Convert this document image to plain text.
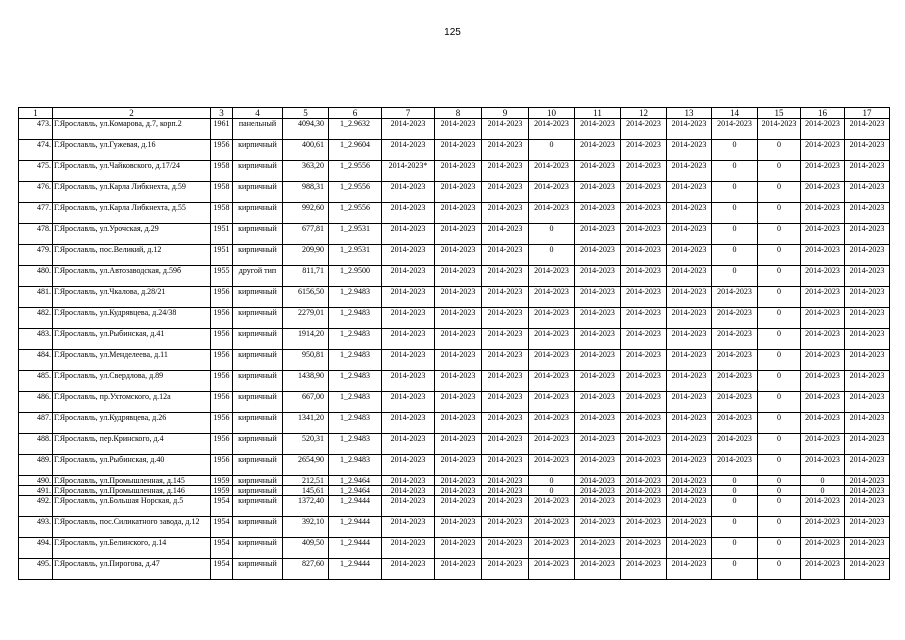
125
1	2	3	4	5	6	7	8	9	10	11	12	13	14	15	16	17
473.	Г.Ярославль, ул.Комарова, д.7, корп.2	1961	панельный	4094,30	1_2.9632	2014-2023	2014-2023	2014-2023	2014-2023	2014-2023	2014-2023	2014-2023	2014-2023	2014-2023	2014-2023	2014-2023
474.	Г.Ярославль, ул.Гужевая, д.16	1956	кирпичный	400,61	1_2.9604	2014-2023	2014-2023	2014-2023	0	2014-2023	2014-2023	2014-2023	0	0	2014-2023	2014-2023
475.	Г.Ярославль, ул.Чайковского, д.17/24	1958	кирпичный	363,20	1_2.9556	2014-2023*	2014-2023	2014-2023	2014-2023	2014-2023	2014-2023	2014-2023	0	0	2014-2023	2014-2023
476.	Г.Ярославль, ул.Карла Либкнехта, д.59	1958	кирпичный	988,31	1_2.9556	2014-2023	2014-2023	2014-2023	2014-2023	2014-2023	2014-2023	2014-2023	0	0	2014-2023	2014-2023
477.	Г.Ярославль, ул.Карла Либкнехта, д.55	1958	кирпичный	992,60	1_2.9556	2014-2023	2014-2023	2014-2023	2014-2023	2014-2023	2014-2023	2014-2023	0	0	2014-2023	2014-2023
478.	Г.Ярославль, ул.Урочская, д.29	1951	кирпичный	677,81	1_2.9531	2014-2023	2014-2023	2014-2023	0	2014-2023	2014-2023	2014-2023	0	0	2014-2023	2014-2023
479.	Г.Ярославль, пос.Великий, д.12	1951	кирпичный	209,90	1_2.9531	2014-2023	2014-2023	2014-2023	0	2014-2023	2014-2023	2014-2023	0	0	2014-2023	2014-2023
480.	Г.Ярославль, ул.Автозаводская, д.59б	1955	другой тип	811,71	1_2.9500	2014-2023	2014-2023	2014-2023	2014-2023	2014-2023	2014-2023	2014-2023	0	0	2014-2023	2014-2023
481.	Г.Ярославль, ул.Чкалова, д.28/21	1956	кирпичный	6156,50	1_2.9483	2014-2023	2014-2023	2014-2023	2014-2023	2014-2023	2014-2023	2014-2023	2014-2023	0	2014-2023	2014-2023
482.	Г.Ярославль, ул.Кудрявцева, д.24/38	1956	кирпичный	2279,01	1_2.9483	2014-2023	2014-2023	2014-2023	2014-2023	2014-2023	2014-2023	2014-2023	2014-2023	0	2014-2023	2014-2023
483.	Г.Ярославль, ул.Рыбинская, д.41	1956	кирпичный	1914,20	1_2.9483	2014-2023	2014-2023	2014-2023	2014-2023	2014-2023	2014-2023	2014-2023	2014-2023	0	2014-2023	2014-2023
484.	Г.Ярославль, ул.Менделеева, д.11	1956	кирпичный	950,81	1_2.9483	2014-2023	2014-2023	2014-2023	2014-2023	2014-2023	2014-2023	2014-2023	2014-2023	0	2014-2023	2014-2023
485.	Г.Ярославль, ул.Свердлова, д.89	1956	кирпичный	1438,90	1_2.9483	2014-2023	2014-2023	2014-2023	2014-2023	2014-2023	2014-2023	2014-2023	2014-2023	0	2014-2023	2014-2023
486.	Г.Ярославль, пр.Ухтомского, д.12а	1956	кирпичный	667,00	1_2.9483	2014-2023	2014-2023	2014-2023	2014-2023	2014-2023	2014-2023	2014-2023	2014-2023	0	2014-2023	2014-2023
487.	Г.Ярославль, ул.Кудрявцева, д.26	1956	кирпичный	1341,20	1_2.9483	2014-2023	2014-2023	2014-2023	2014-2023	2014-2023	2014-2023	2014-2023	2014-2023	0	2014-2023	2014-2023
488.	Г.Ярославль, пер.Кринского, д.4	1956	кирпичный	520,31	1_2.9483	2014-2023	2014-2023	2014-2023	2014-2023	2014-2023	2014-2023	2014-2023	2014-2023	0	2014-2023	2014-2023
489.	Г.Ярославль, ул.Рыбинская, д.40	1956	кирпичный	2654,90	1_2.9483	2014-2023	2014-2023	2014-2023	2014-2023	2014-2023	2014-2023	2014-2023	2014-2023	0	2014-2023	2014-2023
490.	Г.Ярославль, ул.Промышленная, д.145	1959	кирпичный	212,51	1_2.9464	2014-2023	2014-2023	2014-2023	0	2014-2023	2014-2023	2014-2023	0	0	0	2014-2023
491.	Г.Ярославль, ул.Промышленная, д.146	1959	кирпичный	145,61	1_2.9464	2014-2023	2014-2023	2014-2023	0	2014-2023	2014-2023	2014-2023	0	0	0	2014-2023
492.	Г.Ярославль, ул.Большая Норская, д.5	1954	кирпичный	1372,40	1_2.9444	2014-2023	2014-2023	2014-2023	2014-2023	2014-2023	2014-2023	2014-2023	0	0	2014-2023	2014-2023
493.	Г.Ярославль, пос.Силикатного завода, д.12	1954	кирпичный	392,10	1_2.9444	2014-2023	2014-2023	2014-2023	2014-2023	2014-2023	2014-2023	2014-2023	0	0	2014-2023	2014-2023
494.	Г.Ярославль, ул.Белинского, д.14	1954	кирпичный	409,50	1_2.9444	2014-2023	2014-2023	2014-2023	2014-2023	2014-2023	2014-2023	2014-2023	0	0	2014-2023	2014-2023
495.	Г.Ярославль, ул.Пирогова, д.47	1954	кирпичный	827,60	1_2.9444	2014-2023	2014-2023	2014-2023	2014-2023	2014-2023	2014-2023	2014-2023	0	0	2014-2023	2014-2023
